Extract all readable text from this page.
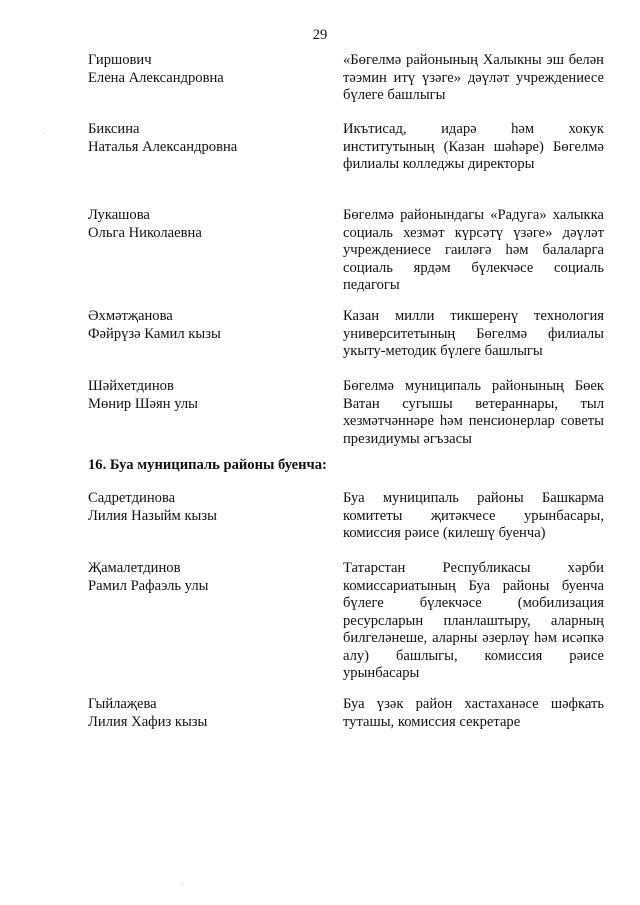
29
Гиршович
Елена Александровна
«Бөгелмә районының Халыкны эш белән тәэмин итү үзәге» дәүләт учреждениесе бүлеге башлыгы
Биксина
Наталья Александровна
Икътисад, идарә һәм хокук институтының (Казан шәһәре) Бөгелмә филиалы колледжы директоры
Лукашова
Ольга Николаевна
Бөгелмә районындагы «Радуга» халыкка социаль хезмәт күрсәтү үзәге» дәүләт учреждениесе гаиләгә һәм балаларга социаль ярдәм бүлекчәсе социаль педагогы
Әхмәтҗанова
Фәйрүзә Камил кызы
Казан милли тикшеренү технология университетының Бөгелмә филиалы укыту-методик бүлеге башлыгы
Шәйхетдинов
Мөнир Шәян улы
Бөгелмә муниципаль районының Бөек Ватан сугышы ветераннары, тыл хезмәтчәннәре һәм пенсионерлар советы президиумы әгъзасы
16. Буа муниципаль районы буенча:
Садретдинова
Лилия Назыйм кызы
Буа муниципаль районы Башкарма комитеты җитәкчесе урынбасары, комиссия рәисе (килешү буенча)
Җамалетдинов
Рамил Рафаэль улы
Татарстан Республикасы хәрби комиссариатының Буа районы буенча бүлеге бүлекчәсе (мобилизация ресурсларын планлаштыру, аларның билгеләнеше, аларны әзерләү һәм исәпкә алу) башлыгы, комиссия рәисе урынбасары
Гыйлаҗева
Лилия Хафиз кызы
Буа үзәк район хастаханәсе шәфкать туташы, комиссия секретаре
